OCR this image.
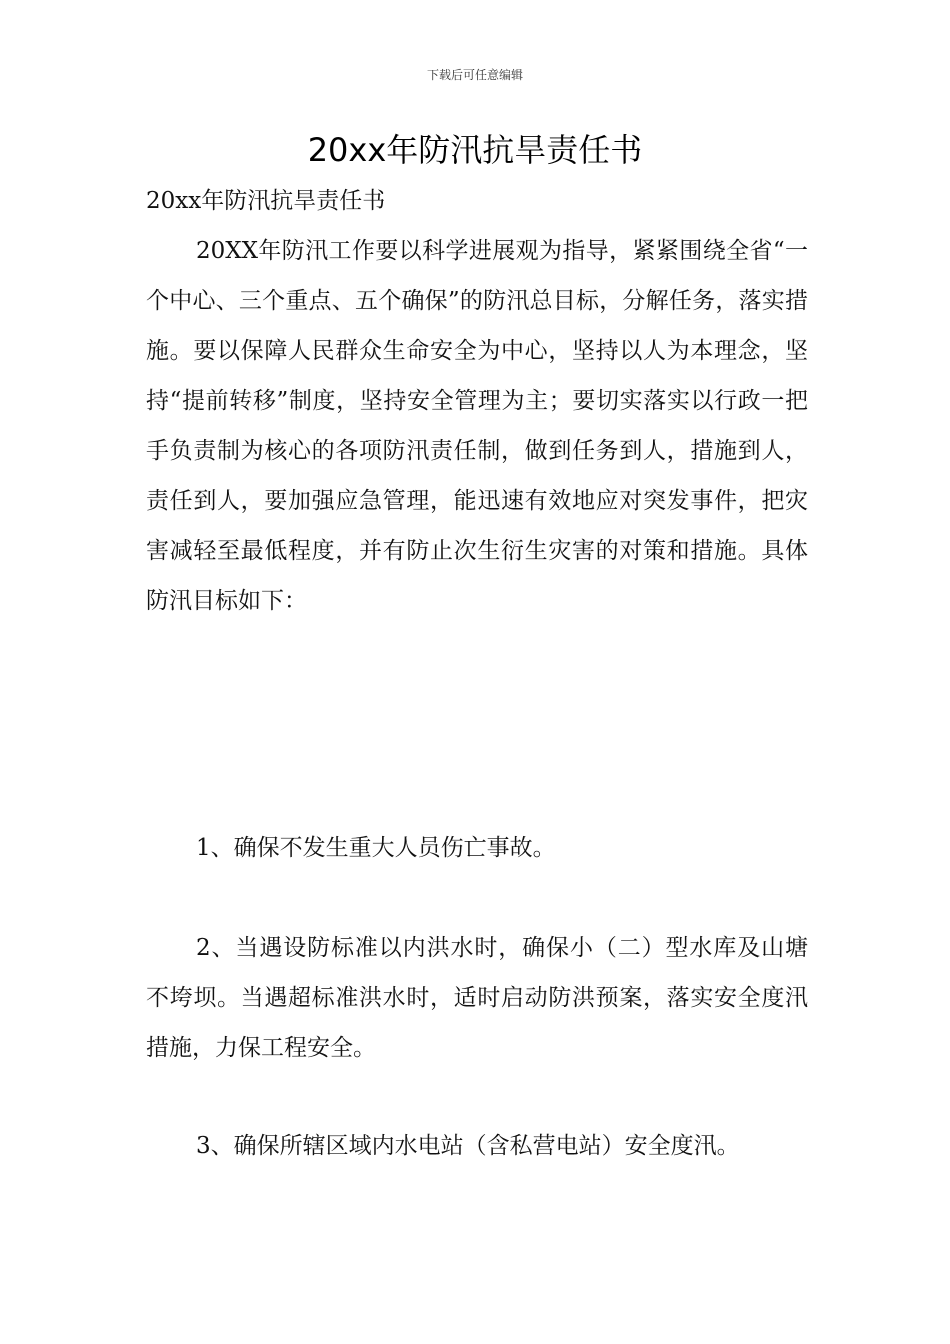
下载后可任意编辑
20xx年防汛抗旱责任书

20xx年防汛抗旱责任书

20XX年防汛工作要以科学进展观为指导，紧紧围绕全省“一个中心、三个重点、五个确保”的防汛总目标，分解任务，落实措施。要以保障人民群众生命安全为中心，坚持以人为本理念，坚持“提前转移”制度，坚持安全管理为主；要切实落实以行政一把手负责制为核心的各项防汛责任制，做到任务到人，措施到人，责任到人，要加强应急管理，能迅速有效地应对突发事件，把灾害减轻至最低程度，并有防止次生衍生灾害的对策和措施。具体防汛目标如下：

1、确保不发生重大人员伤亡事故。

2、当遇设防标准以内洪水时，确保小（二）型水库及山塘不垮坝。当遇超标准洪水时，适时启动防洪预案，落实安全度汛措施，力保工程安全。

3、确保所辖区域内水电站（含私营电站）安全度汛。
